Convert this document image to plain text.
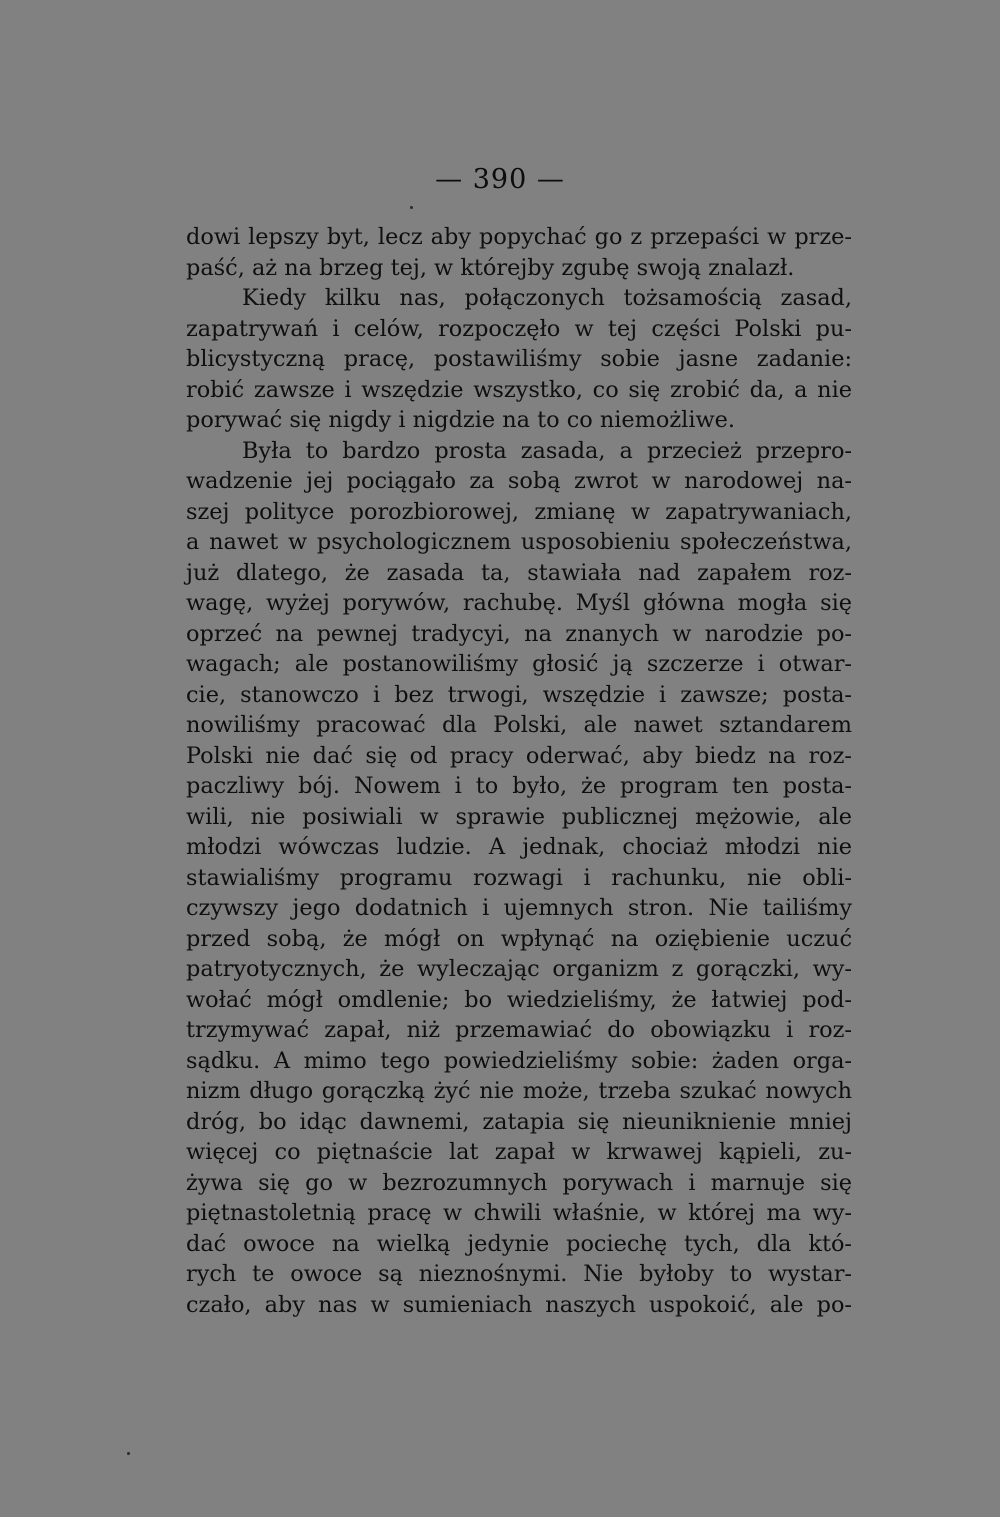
— 390 —
dowi lepszy byt, lecz aby popychać go z przepaści w prze-
paść, aż na brzeg tej, w którejby zgubę swoją znalazł.
Kiedy kilku nas, połączonych tożsamością zasad,
zapatrywań i celów, rozpoczęło w tej części Polski pu-
blicystyczną pracę, postawiliśmy sobie jasne zadanie:
robić zawsze i wszędzie wszystko, co się zrobić da, a nie
porywać się nigdy i nigdzie na to co niemożliwe.
Była to bardzo prosta zasada, a przecież przepro-
wadzenie jej pociągało za sobą zwrot w narodowej na-
szej polityce porozbiorowej, zmianę w zapatrywaniach,
a nawet w psychologicznem usposobieniu społeczeństwa,
już dlatego, że zasada ta, stawiała nad zapałem roz-
wagę, wyżej porywów, rachubę. Myśl główna mogła się
oprzeć na pewnej tradycyi, na znanych w narodzie po-
wagach; ale postanowiliśmy głosić ją szczerze i otwar-
cie, stanowczo i bez trwogi, wszędzie i zawsze; posta-
nowiliśmy pracować dla Polski, ale nawet sztandarem
Polski nie dać się od pracy oderwać, aby biedz na roz-
paczliwy bój. Nowem i to było, że program ten posta-
wili, nie posiwiali w sprawie publicznej mężowie, ale
młodzi wówczas ludzie. A jednak, chociaż młodzi nie
stawialiśmy programu rozwagi i rachunku, nie obli-
czywszy jego dodatnich i ujemnych stron. Nie tailiśmy
przed sobą, że mógł on wpłynąć na oziębienie uczuć
patryotycznych, że wyleczając organizm z gorączki, wy-
wołać mógł omdlenie; bo wiedzieliśmy, że łatwiej pod-
trzymywać zapał, niż przemawiać do obowiązku i roz-
sądku. A mimo tego powiedzieliśmy sobie: żaden orga-
nizm długo gorączką żyć nie może, trzeba szukać nowych
dróg, bo idąc dawnemi, zatapia się nieuniknienie mniej
więcej co piętnaście lat zapał w krwawej kąpieli, zu-
żywa się go w bezrozumnych porywach i marnuje się
piętnastoletnią pracę w chwili właśnie, w której ma wy-
dać owoce na wielką jedynie pociechę tych, dla któ-
rych te owoce są nieznośnymi. Nie byłoby to wystar-
czało, aby nas w sumieniach naszych uspokoić, ale po-
